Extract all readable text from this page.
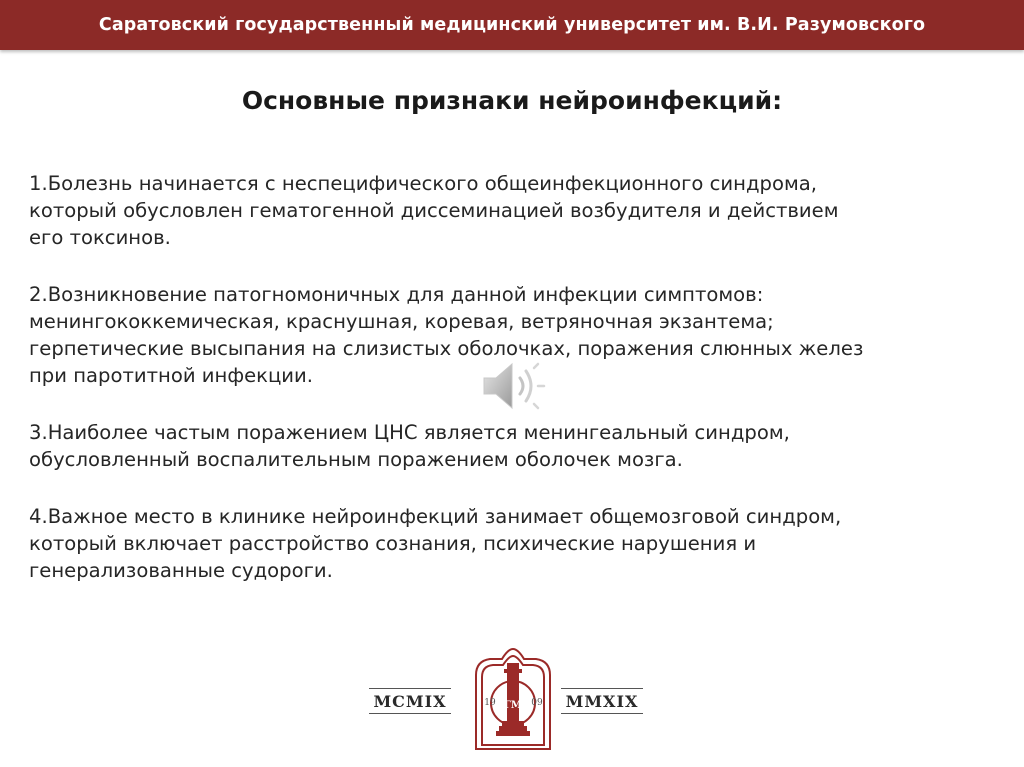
Саратовский государственный медицинский университет им. В.И. Разумовского
Основные признаки нейроинфекций:
1.Болезнь начинается с неспецифического общеинфекционного синдрома,
который обусловлен гематогенной диссеминацией возбудителя и действием
его токсинов.
2.Возникновение патогномоничных для данной инфекции симптомов:
менингококкемическая, краснушная, коревая, ветряночная экзантема;
герпетические высыпания на слизистых оболочках, поражения слюнных желез
при паротитной инфекции.
3.Наиболее частым поражением ЦНС является менингеальный синдром,
обусловленный воспалительным поражением оболочек мозга.
4.Важное место в клинике нейроинфекций занимает общемозговой синдром,
который включает расстройство сознания, психические нарушения и
генерализованные судороги.
MCMIX	MMXIX
СГМУ
19	09
